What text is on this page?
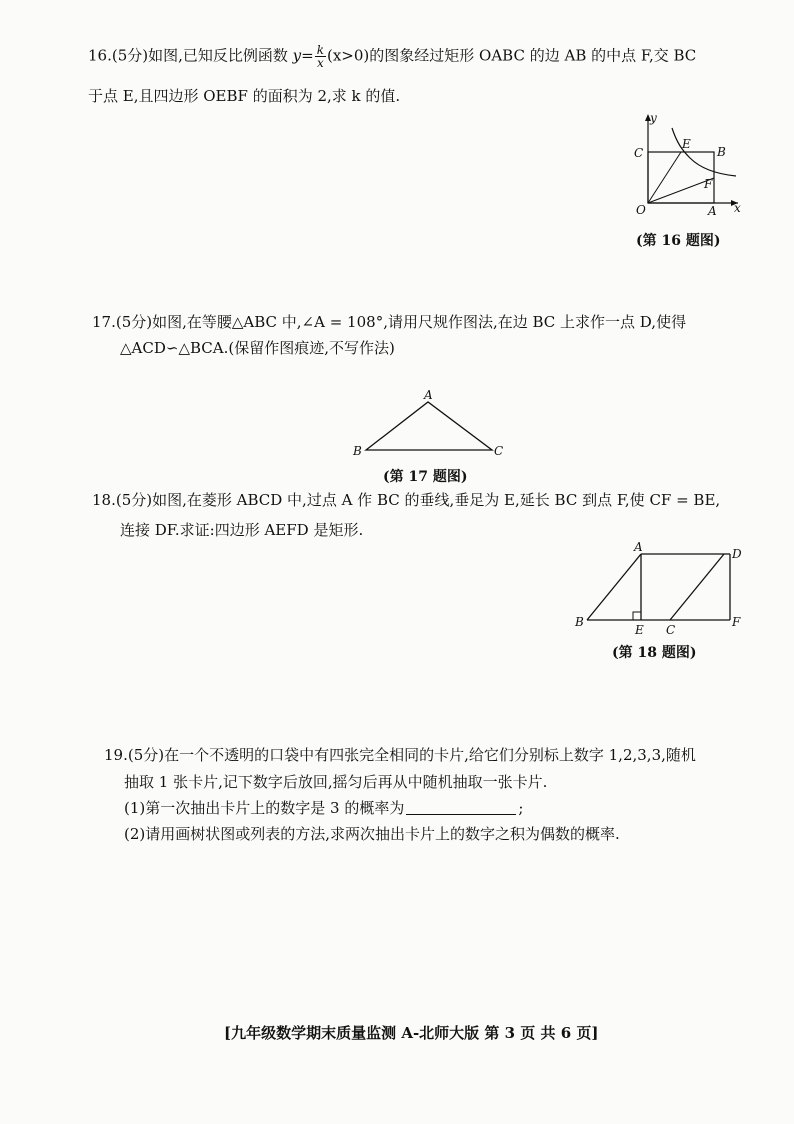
16.(5分)如图,已知反比例函数 $y= \frac{k}{x} (x>0)$的图象经过矩形 OABC 的边 AB 的中点 F,交 BC
于点 E,且四边形 OEBF 的面积为 2,求 k 的值.
y
x
O	A
B
C
E
F
(第 16 题图)
17.(5分)如图,在等腰△ABC 中,∠A = 108°,请用尺规作图法,在边 BC 上求作一点 D,使得
△ACD∽△BCA.(保留作图痕迹,不写作法)
A
B	C
(第 17 题图)
18.(5分)如图,在菱形 ABCD 中,过点 A 作 BC 的垂线,垂足为 E,延长 BC 到点 F,使 CF = BE,
连接 DF.求证:四边形 AEFD 是矩形.
A	D
B
E C
F
(第 18 题图)
19.(5分)在一个不透明的口袋中有四张完全相同的卡片,给它们分别标上数字 1,2,3,3,随机
抽取 1 张卡片,记下数字后放回,摇匀后再从中随机抽取一张卡片.
(1)第一次抽出卡片上的数字是 3 的概率为	;
(2)请用画树状图或列表的方法,求两次抽出卡片上的数字之积为偶数的概率.
[九年级数学期末质量监测 A-北师大版 第 3 页 共 6 页]
